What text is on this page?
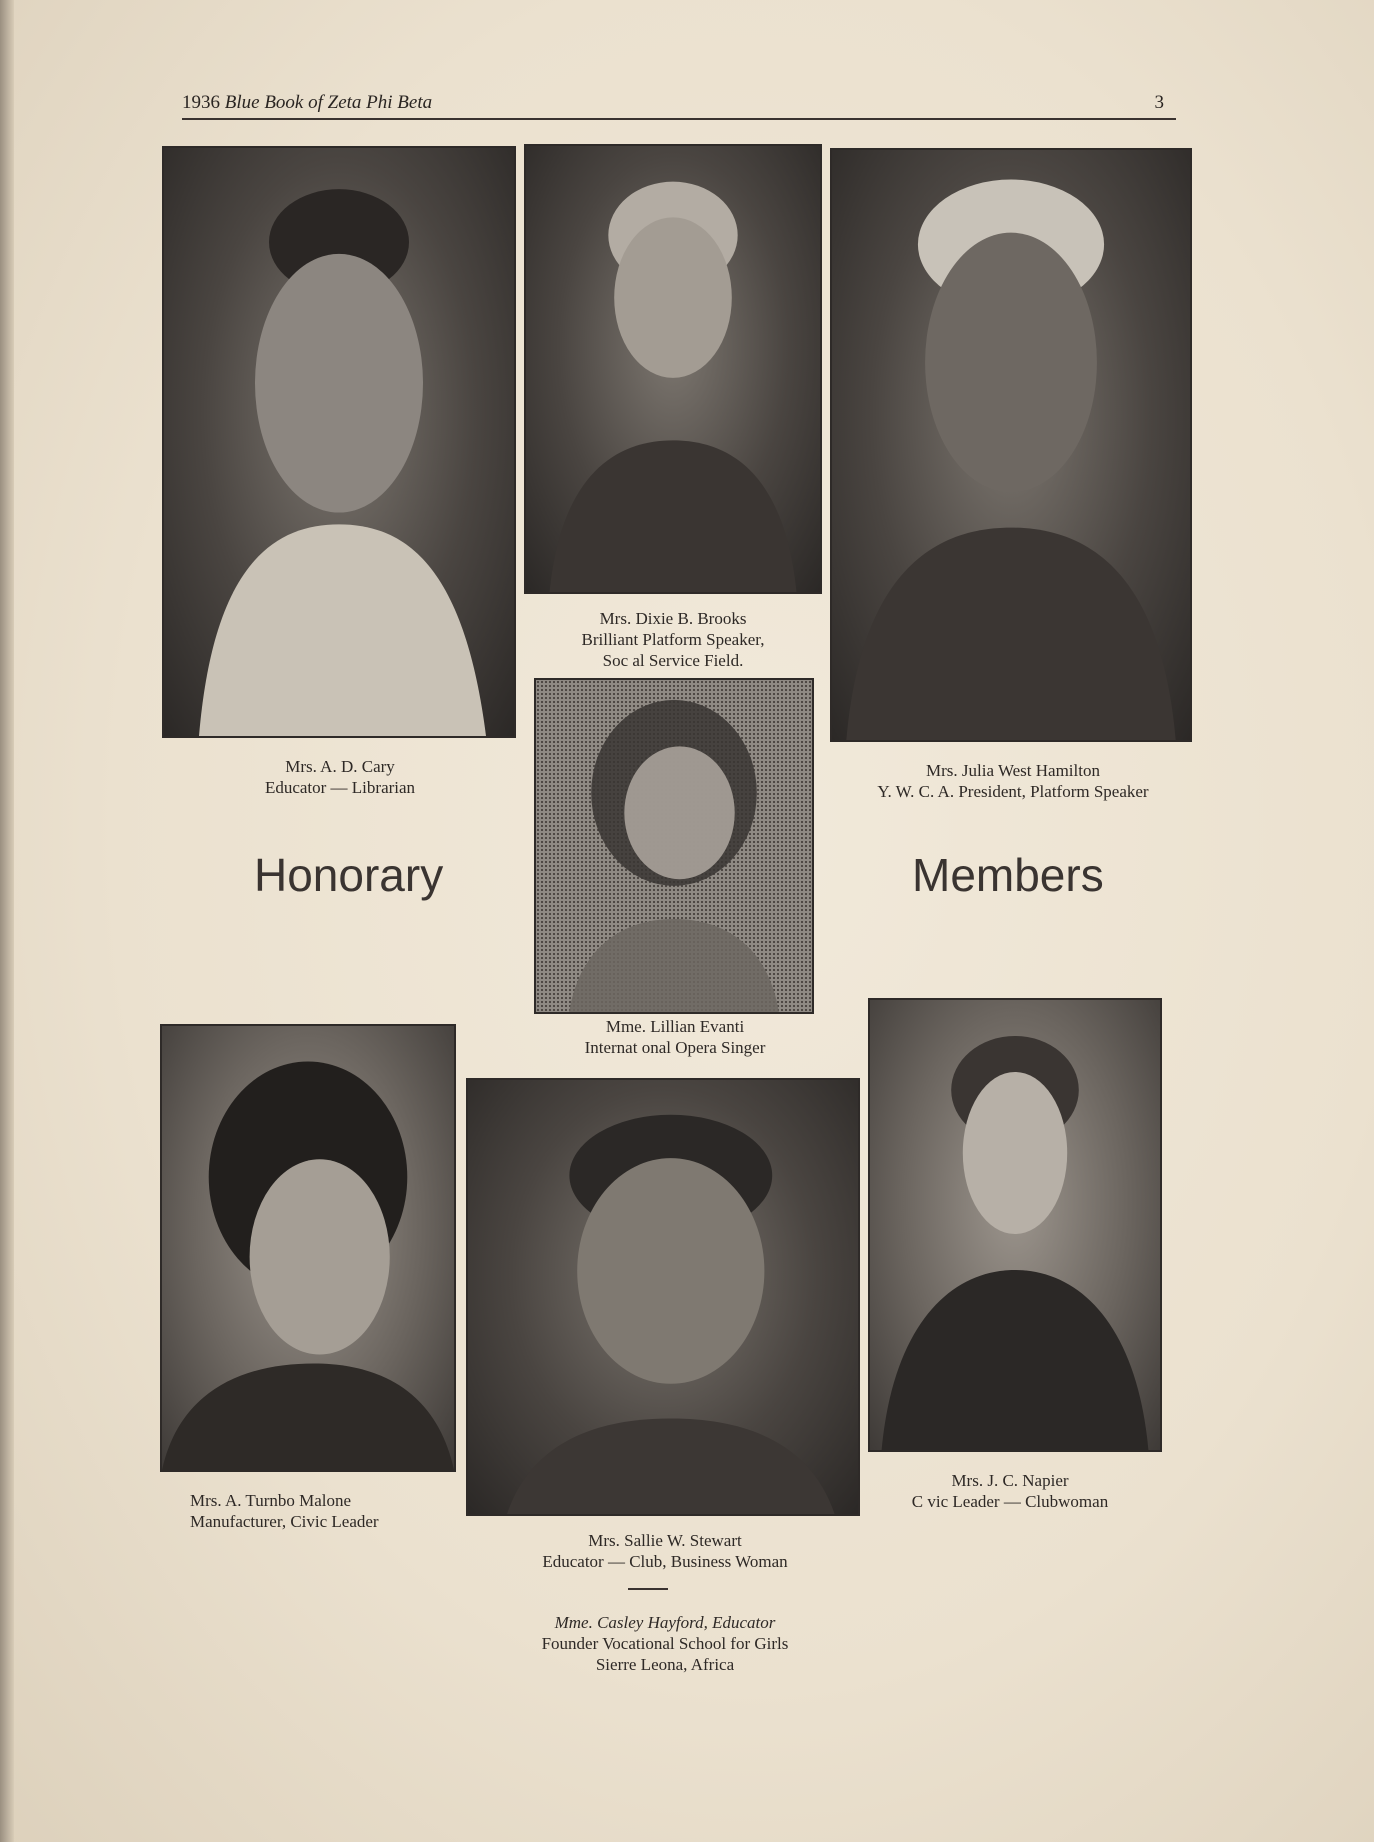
1936 Blue Book of Zeta Phi Beta	3
Mrs. A. D. Cary
Educator — Librarian
Mrs. Dixie B. Brooks
Brilliant Platform Speaker,
Soc al Service Field.
Mrs. Julia West Hamilton
Y. W. C. A. President, Platform Speaker
Honorary	Members
Mme. Lillian Evanti
Internat onal Opera Singer
Mrs. A. Turnbo Malone
Manufacturer, Civic Leader
Mrs. Sallie W. Stewart
Educator — Club, Business Woman
Mrs. J. C. Napier
C vic Leader — Clubwoman
Mme. Casley Hayford, Educator
Founder Vocational School for Girls
Sierre Leona, Africa
